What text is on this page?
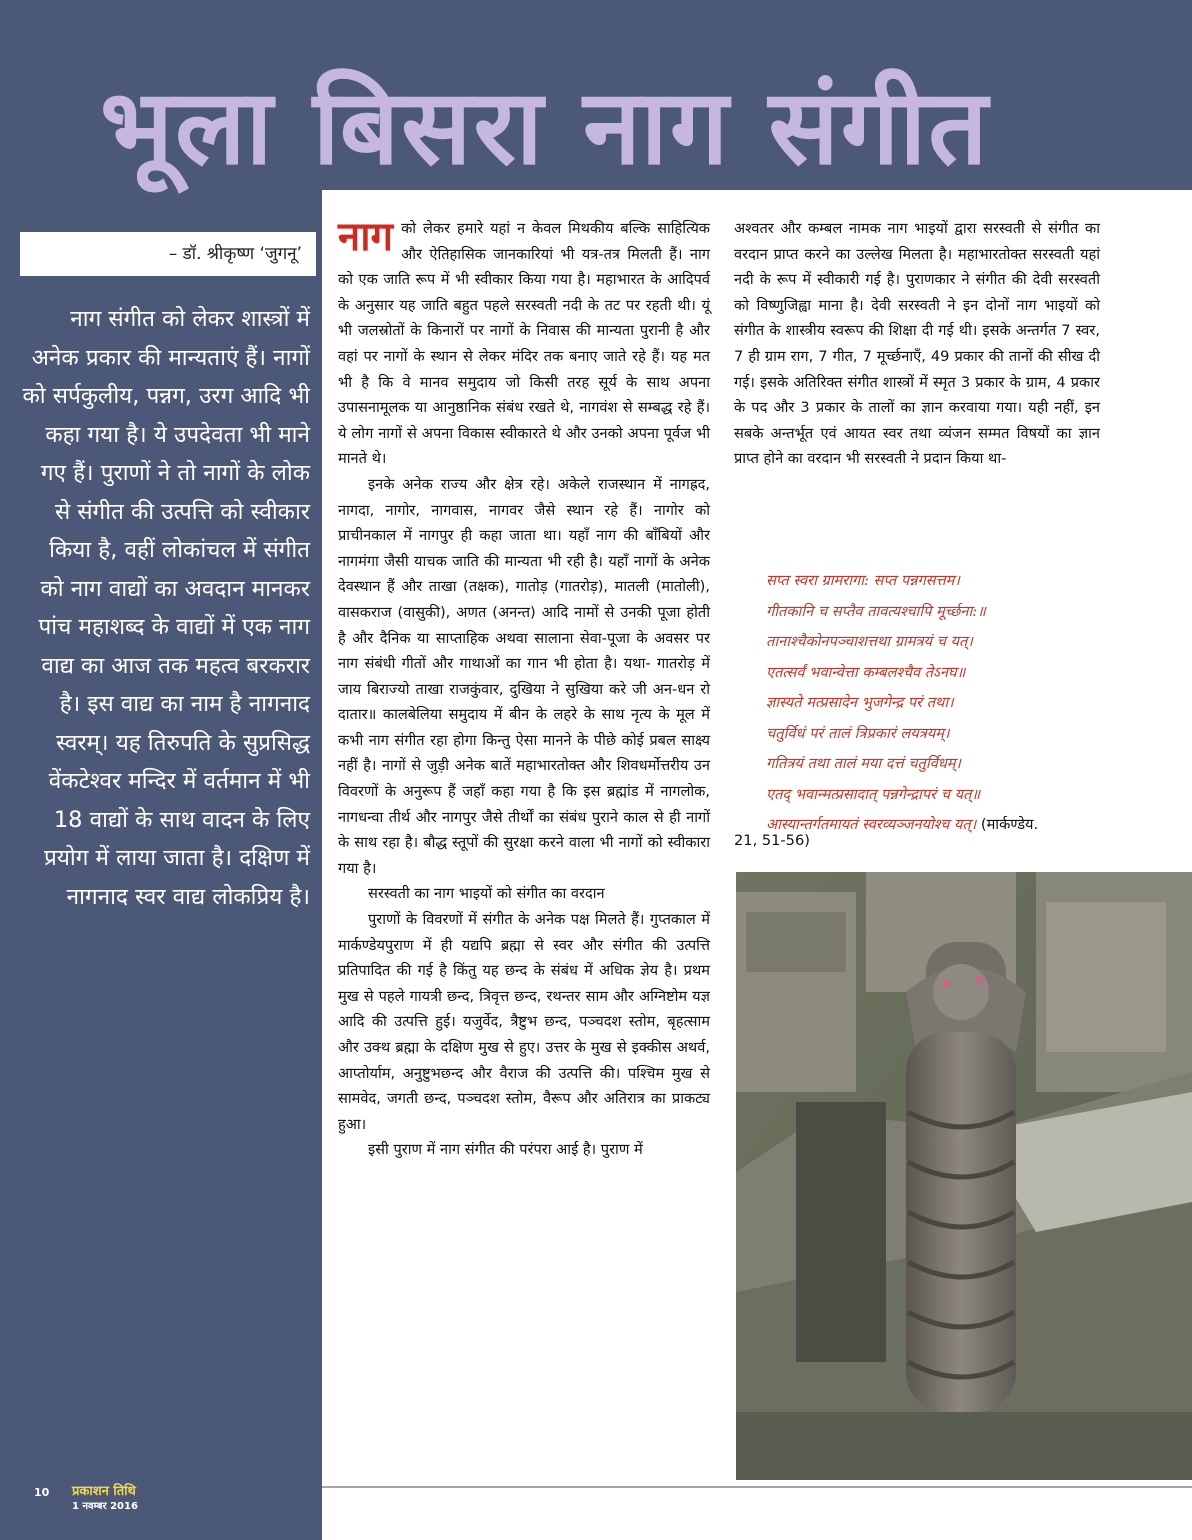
भूला बिसरा नाग संगीत
– डॉ. श्रीकृष्ण ‘जुगनू’
नाग संगीत को लेकर शास्त्रों में अनेक प्रकार की मान्यताएं हैं। नागों को सर्पकुलीय, पन्नग, उरग आदि भी कहा गया है। ये उपदेवता भी माने गए हैं। पुराणों ने तो नागों के लोक से संगीत की उत्पत्ति को स्वीकार किया है, वहीं लोकांचल में संगीत को नाग वाद्यों का अवदान मानकर पांच महाशब्द के वाद्यों में एक नाग वाद्य का आज तक महत्व बरकरार है। इस वाद्य का नाम है नागनाद स्वरम्। यह तिरुपति के सुप्रसिद्ध वेंकटेश्वर मन्दिर में वर्तमान में भी 18 वाद्यों के साथ वादन के लिए प्रयोग में लाया जाता है। दक्षिण में नागनाद स्वर वाद्य लोकप्रिय है।

नाग को लेकर हमारे यहां न केवल मिथकीय बल्कि साहित्यिक और ऐतिहासिक जानकारियां भी यत्र-तत्र मिलती हैं। नाग को एक जाति रूप में भी स्वीकार किया गया है। महाभारत के आदिपर्व के अनुसार यह जाति बहुत पहले सरस्वती नदी के तट पर रहती थी। यूं भी जलस्रोतों के किनारों पर नागों के निवास की मान्यता पुरानी है और वहां पर नागों के स्थान से लेकर मंदिर तक बनाए जाते रहे हैं। यह मत भी है कि वे मानव समुदाय जो किसी तरह सूर्य के साथ अपना उपासनामूलक या आनुष्ठानिक संबंध रखते थे, नागवंश से सम्बद्ध रहे हैं। ये लोग नागों से अपना विकास स्वीकारते थे और उनको अपना पूर्वज भी मानते थे।

इनके अनेक राज्य और क्षेत्र रहे। अकेले राजस्थान में नागह्रद, नागदा, नागोर, नागवास, नागवर जैसे स्थान रहे हैं। नागोर को प्राचीनकाल में नागपुर ही कहा जाता था। यहाँ नाग की बाँबियों और नागमंगा जैसी याचक जाति की मान्यता भी रही है। यहाँ नागों के अनेक देवस्थान हैं और ताखा (तक्षक), गातोड़ (गातरोड़), मातली (मातोली), वासकराज (वासुकी), अणत (अनन्त) आदि नामों से उनकी पूजा होती है और दैनिक या साप्ताहिक अथवा सालाना सेवा-पूजा के अवसर पर नाग संबंधी गीतों और गाथाओं का गान भी होता है। यथा- गातरोड़ में जाय बिराज्यो ताखा राजकुंवार, दुखिया ने सुखिया करे जी अन-धन रो दातार॥ कालबेलिया समुदाय में बीन के लहरे के साथ नृत्य के मूल में कभी नाग संगीत रहा होगा किन्तु ऐसा मानने के पीछे कोई प्रबल साक्ष्य नहीं है। नागों से जुड़ी अनेक बातें महाभारतोक्त और शिवधर्मोत्तरीय उन विवरणों के अनुरूप हैं जहाँ कहा गया है कि इस ब्रह्मांड में नागलोक, नागधन्वा तीर्थ और नागपुर जैसे तीर्थों का संबंध पुराने काल से ही नागों के साथ रहा है। बौद्ध स्तूपों की सुरक्षा करने वाला भी नागों को स्वीकारा गया है।

सरस्वती का नाग भाइयों को संगीत का वरदान

पुराणों के विवरणों में संगीत के अनेक पक्ष मिलते हैं। गुप्तकाल में मार्कण्डेयपुराण में ही यद्यपि ब्रह्मा से स्वर और संगीत की उत्पत्ति प्रतिपादित की गई है किंतु यह छन्द के संबंध में अधिक ज्ञेय है। प्रथम मुख से पहले गायत्री छन्द, त्रिवृत्त छन्द, रथन्तर साम और अग्निष्टोम यज्ञ आदि की उत्पत्ति हुई। यजुर्वेद, त्रैष्टुभ छन्द, पञ्चदश स्तोम, बृहत्साम और उक्थ ब्रह्मा के दक्षिण मुख से हुए। उत्तर के मुख से इक्कीस अथर्व, आप्तोर्याम, अनुष्टुभछन्द और वैराज की उत्पत्ति की। पश्चिम मुख से सामवेद, जगती छन्द, पञ्चदश स्तोम, वैरूप और अतिरात्र का प्राकट्य हुआ।

इसी पुराण में नाग संगीत की परंपरा आई है। पुराण में

अश्वतर और कम्बल नामक नाग भाइयों द्वारा सरस्वती से संगीत का वरदान प्राप्त करने का उल्लेख मिलता है। महाभारतोक्त सरस्वती यहां नदी के रूप में स्वीकारी गई है। पुराणकार ने संगीत की देवी सरस्वती को विष्णुजिह्वा माना है। देवी सरस्वती ने इन दोनों नाग भाइयों को संगीत के शास्त्रीय स्वरूप की शिक्षा दी गई थी। इसके अन्तर्गत 7 स्वर, 7 ही ग्राम राग, 7 गीत, 7 मूर्च्छनाएँ, 49 प्रकार की तानों की सीख दी गई। इसके अतिरिक्त संगीत शास्त्रों में स्मृत 3 प्रकार के ग्राम, 4 प्रकार के पद और 3 प्रकार के तालों का ज्ञान करवाया गया। यही नहीं, इन सबके अन्तर्भूत एवं आयत स्वर तथा व्यंजन सम्मत विषयों का ज्ञान प्राप्त होने का वरदान भी सरस्वती ने प्रदान किया था-

सप्त स्वरा ग्रामरागा: सप्त पन्नगसत्तम।
गीतकानि च सप्तैव तावत्यश्चापि मूर्च्छना:॥
तानाश्चैकोनपञ्चाशत्तथा ग्रामत्रयं च यत्।
एतत्सर्वं भवान्वेत्ता कम्बलश्चैव तेऽनघ॥
ज्ञास्यते मत्प्रसादेन भुजगेन्द्र परं तथा।
चतुर्विधं परं तालं त्रिप्रकारं लयत्रयम्।
गतित्रयं तथा तालं मया दत्तं चतुर्विधम्।
एतद् भवान्मत्प्रसादात् पन्नगेन्द्रापरं च यत्॥
आस्यान्तर्गतमायतं स्वरव्यञ्जनयोश्च यत्। (मार्कण्डेय.
21, 51-56)
10 प्रकाशन तिथि
1 नवम्बर 2016
